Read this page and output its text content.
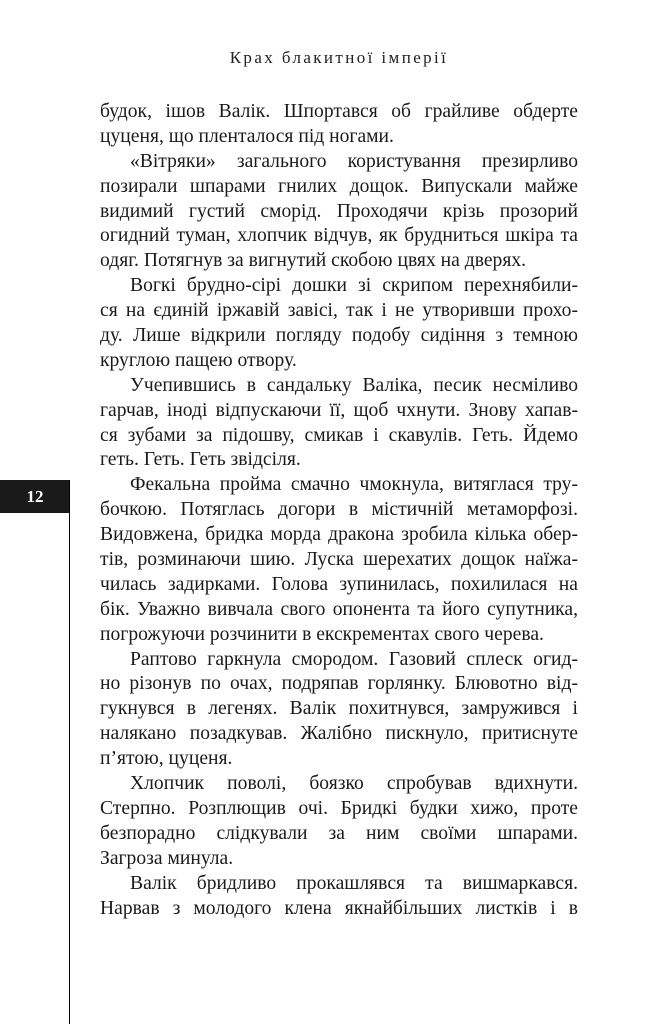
Крах блакитної імперії
12
будок, ішов Валік. Шпортався об грайливе обдерте
цуценя, що пленталося під ногами.
«Вітряки» загального користування презирливо
позирали шпарами гнилих дощок. Випускали майже
видимий густий сморід. Проходячи крізь прозорий
огидний туман, хлопчик відчув, як брудниться шкіра та
одяг. Потягнув за вигнутий скобою цвях на дверях.
Вогкі брудно-сірі дошки зі скрипом перехнябили-
ся на єдиній іржавій завісі, так і не утворивши прохо-
ду. Лише відкрили погляду подобу сидіння з темною
круглою пащею отвору.
Учепившись в сандальку Валіка, песик несміливо
гарчав, іноді відпускаючи її, щоб чхнути. Знову хапав-
ся зубами за підошву, смикав і скавулів. Геть. Йдемо
геть. Геть. Геть звідсіля.
Фекальна пройма смачно чмокнула, витяглася тру-
бочкою. Потяглась догори в містичній метаморфозі.
Видовжена, бридка морда дракона зробила кілька обер-
тів, розминаючи шию. Луска шерехатих дощок наїжа-
чилась задирками. Голова зупинилась, похилилася на
бік. Уважно вивчала свого опонента та його супутника,
погрожуючи розчинити в екскрементах свого черева.
Раптово гаркнула смородом. Газовий сплеск огид-
но різонув по очах, подряпав горлянку. Блювотно від-
гукнувся в легенях. Валік похитнувся, замружився і
налякано позадкував. Жалібно пискнуло, притиснуте
п’ятою, цуценя.
Хлопчик поволі, боязко спробував вдихнути.
Стерпно. Розплющив очі. Бридкі будки хижо, проте
безпорадно слідкували за ним своїми шпарами.
Загроза минула.
Валік бридливо прокашлявся та вишмаркався.
Нарвав з молодого клена якнайбільших листків і в
